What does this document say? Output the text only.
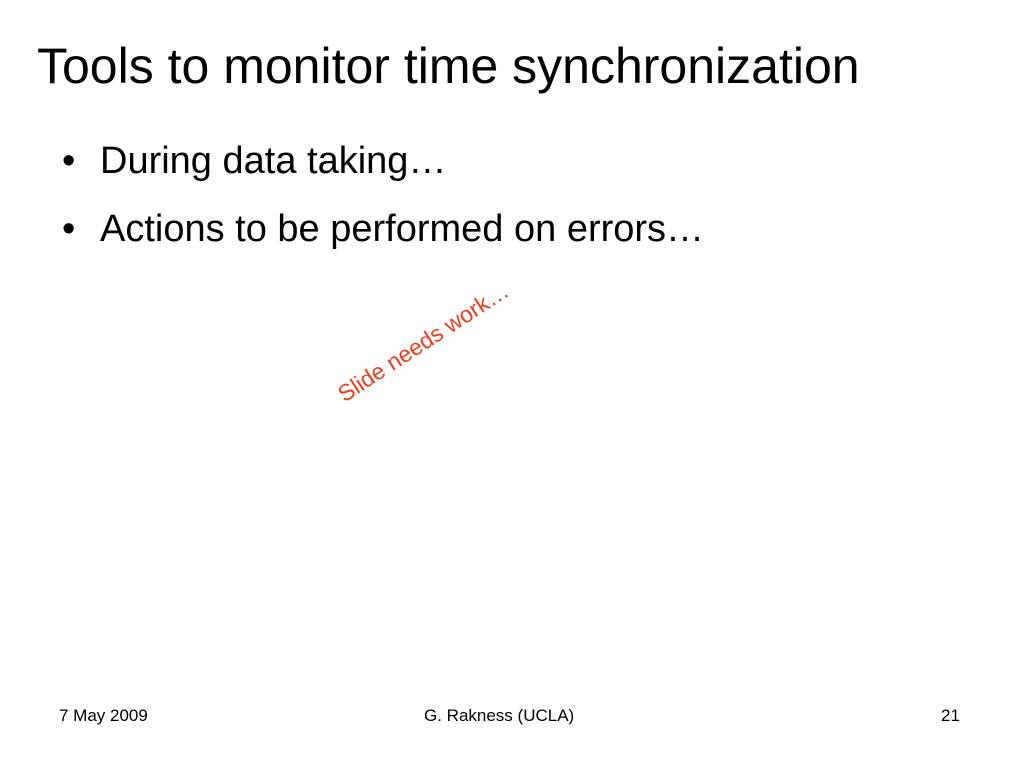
Tools to monitor time synchronization
• During data taking…
• Actions to be performed on errors…
Slide needs work…
7 May 2009	G. Rakness (UCLA)	21
